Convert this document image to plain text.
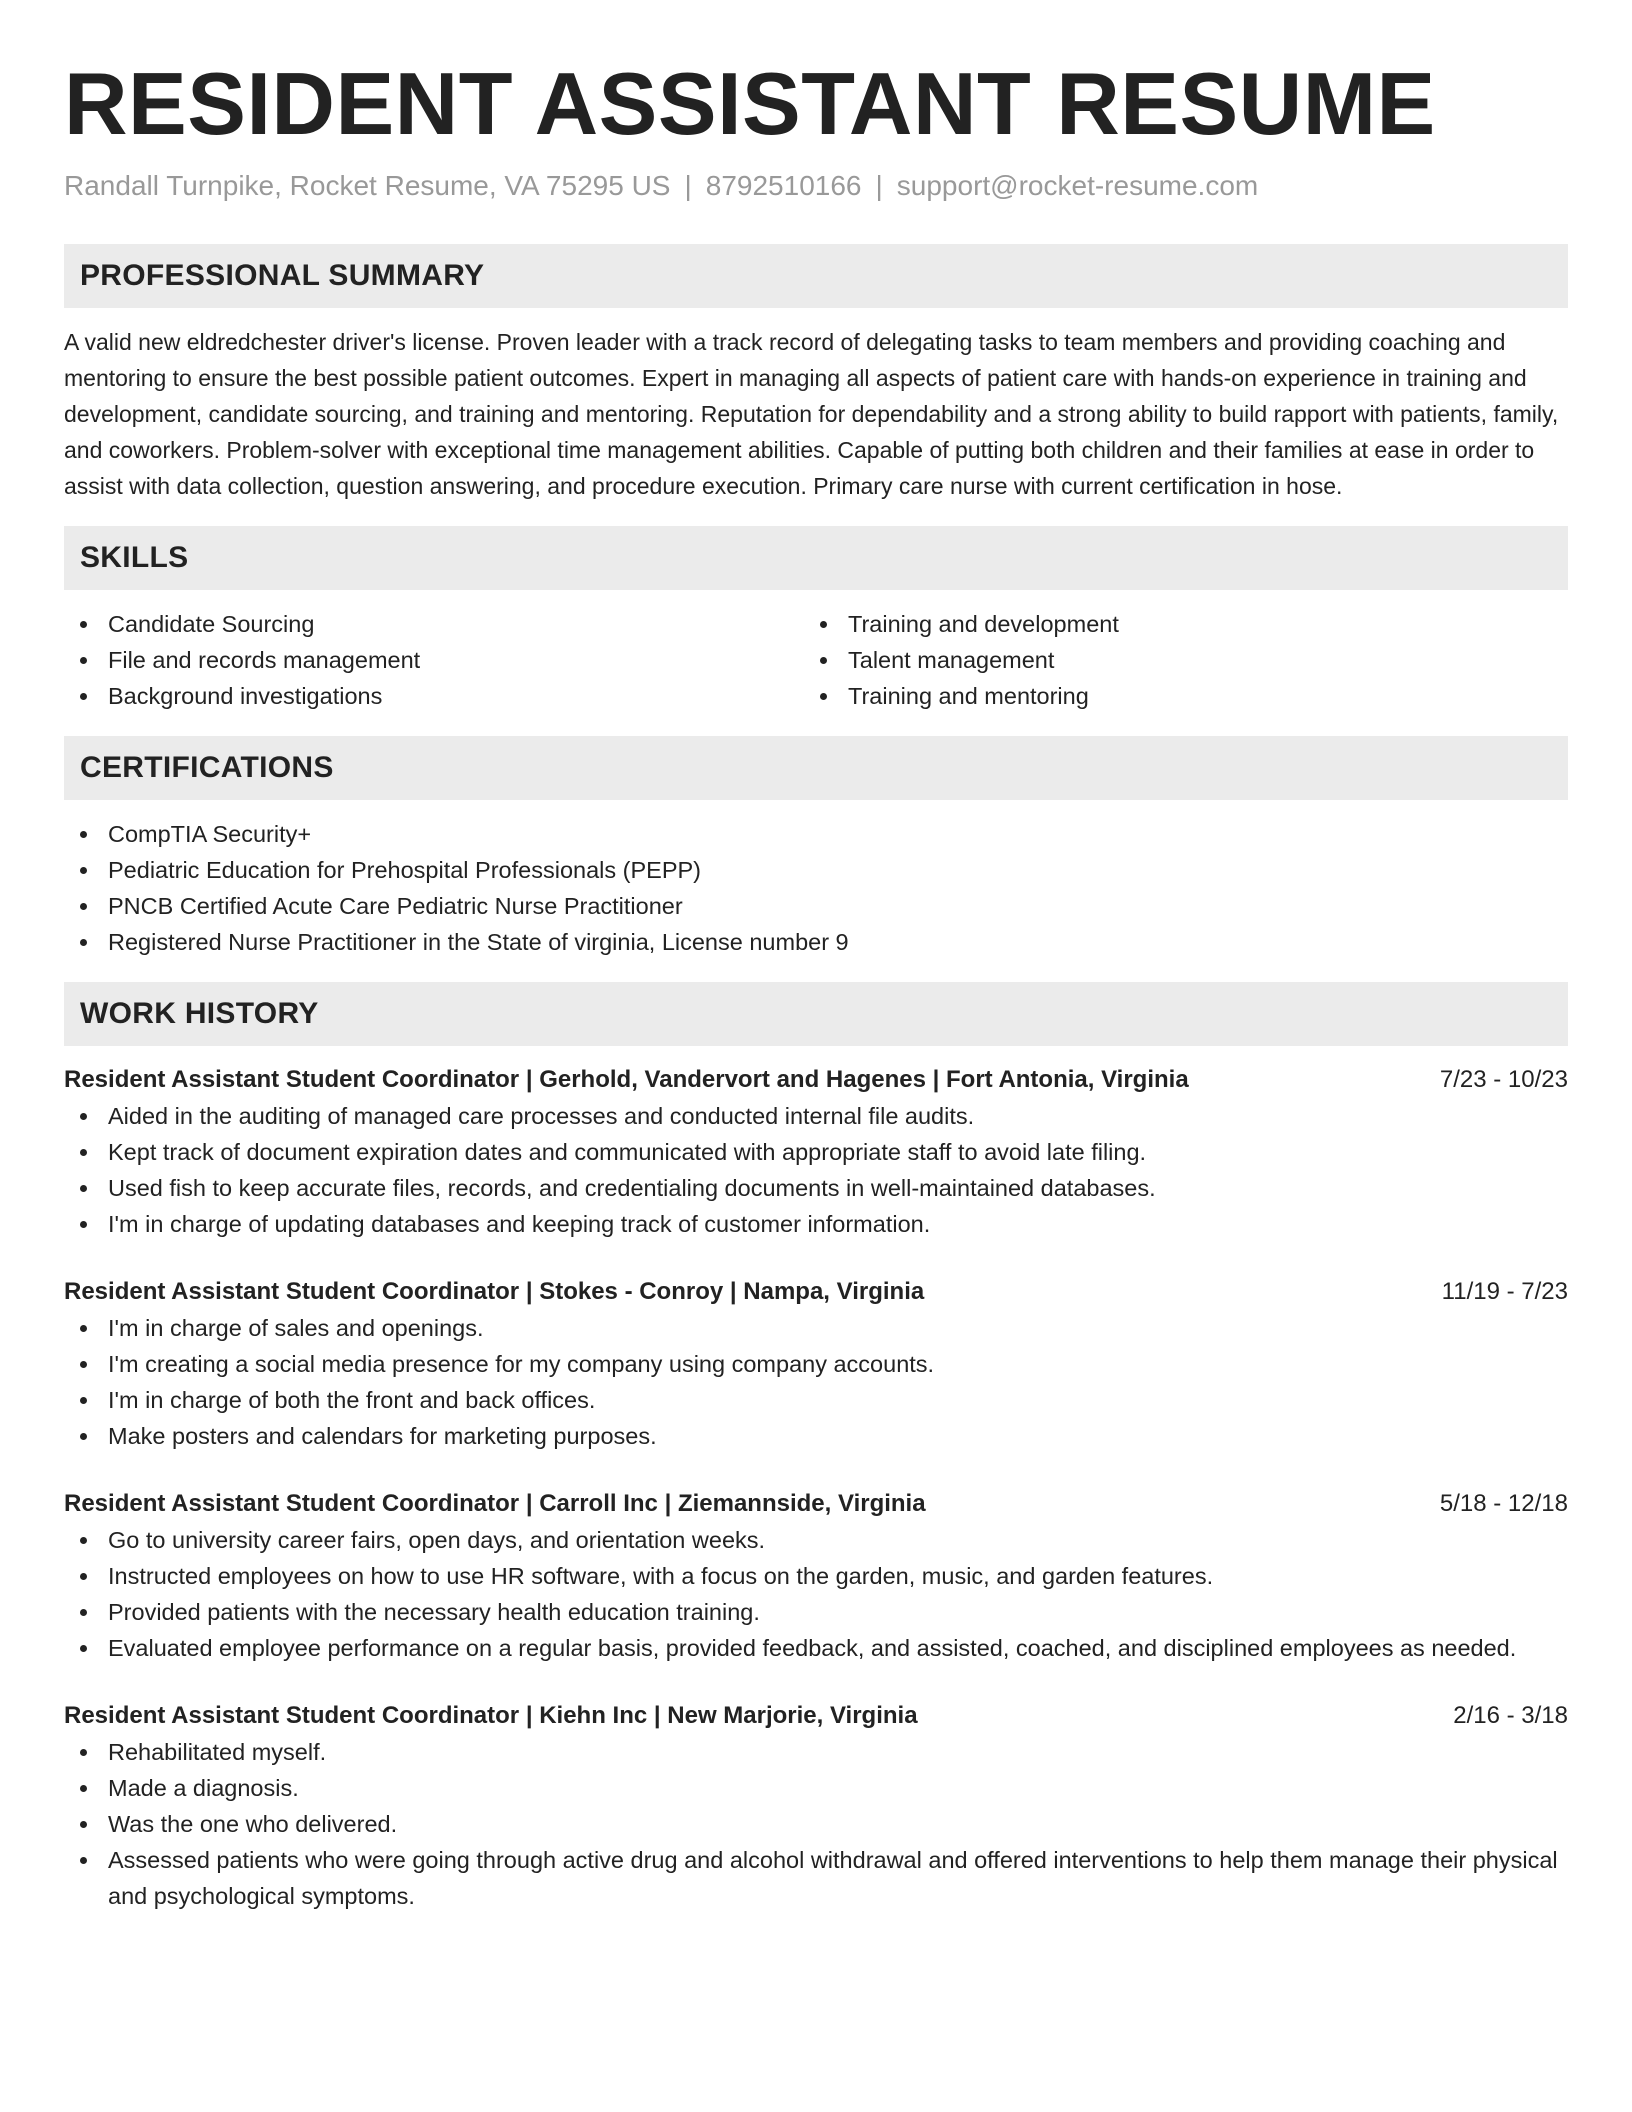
RESIDENT ASSISTANT RESUME
Randall Turnpike, Rocket Resume, VA 75295 US | 8792510166 | support@rocket-resume.com
PROFESSIONAL SUMMARY

A valid new eldredchester driver's license. Proven leader with a track record of delegating tasks to team members and providing coaching and mentoring to ensure the best possible patient outcomes. Expert in managing all aspects of patient care with hands-on experience in training and development, candidate sourcing, and training and mentoring. Reputation for dependability and a strong ability to build rapport with patients, family, and coworkers. Problem-solver with exceptional time management abilities. Capable of putting both children and their families at ease in order to assist with data collection, question answering, and procedure execution. Primary care nurse with current certification in hose.

SKILLS
Candidate Sourcing
File and records management
Background investigations
Training and development
Talent management
Training and mentoring
CERTIFICATIONS
CompTIA Security+
Pediatric Education for Prehospital Professionals (PEPP)
PNCB Certified Acute Care Pediatric Nurse Practitioner
Registered Nurse Practitioner in the State of virginia, License number 9
WORK HISTORY
Resident Assistant Student Coordinator | Gerhold, Vandervort and Hagenes | Fort Antonia, Virginia	7/23 - 10/23
Aided in the auditing of managed care processes and conducted internal file audits.
Kept track of document expiration dates and communicated with appropriate staff to avoid late filing.
Used fish to keep accurate files, records, and credentialing documents in well-maintained databases.
I'm in charge of updating databases and keeping track of customer information.
Resident Assistant Student Coordinator | Stokes - Conroy | Nampa, Virginia	11/19 - 7/23
I'm in charge of sales and openings.
I'm creating a social media presence for my company using company accounts.
I'm in charge of both the front and back offices.
Make posters and calendars for marketing purposes.
Resident Assistant Student Coordinator | Carroll Inc | Ziemannside, Virginia	5/18 - 12/18
Go to university career fairs, open days, and orientation weeks.
Instructed employees on how to use HR software, with a focus on the garden, music, and garden features.
Provided patients with the necessary health education training.
Evaluated employee performance on a regular basis, provided feedback, and assisted, coached, and disciplined employees as needed.
Resident Assistant Student Coordinator | Kiehn Inc | New Marjorie, Virginia	2/16 - 3/18
Rehabilitated myself.
Made a diagnosis.
Was the one who delivered.
Assessed patients who were going through active drug and alcohol withdrawal and offered interventions to help them manage their physical and psychological symptoms.
